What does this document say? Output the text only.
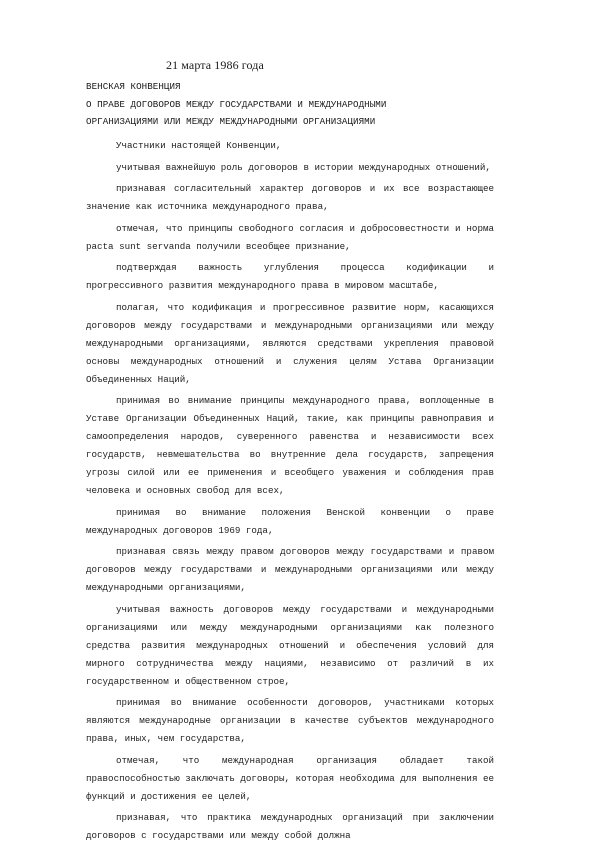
21 марта 1986 года
ВЕНСКАЯ КОНВЕНЦИЯ
О ПРАВЕ ДОГОВОРОВ МЕЖДУ ГОСУДАРСТВАМИ И МЕЖДУНАРОДНЫМИ
ОРГАНИЗАЦИЯМИ ИЛИ МЕЖДУ МЕЖДУНАРОДНЫМИ ОРГАНИЗАЦИЯМИ

Участники настоящей Конвенции,

учитывая важнейшую роль договоров в истории международных отношений,

признавая согласительный характер договоров и их все возрастающее значение как источника международного права,

отмечая, что принципы свободного согласия и добросовестности и норма pacta sunt servanda получили всеобщее признание,

подтверждая важность углубления процесса кодификации и прогрессивного развития международного права в мировом масштабе,

полагая, что кодификация и прогрессивное развитие норм, касающихся договоров между государствами и международными организациями или между международными организациями, являются средствами укрепления правовой основы международных отношений и служения целям Устава Организации Объединенных Наций,

принимая во внимание принципы международного права, воплощенные в Уставе Организации Объединенных Наций, такие, как принципы равноправия и самоопределения народов, суверенного равенства и независимости всех государств, невмешательства во внутренние дела государств, запрещения угрозы силой или ее применения и всеобщего уважения и соблюдения прав человека и основных свобод для всех,

принимая во внимание положения Венской конвенции о праве международных договоров 1969 года,

признавая связь между правом договоров между государствами и правом договоров между государствами и международными организациями или между международными организациями,

учитывая важность договоров между государствами и международными организациями или между международными организациями как полезного средства развития международных отношений и обеспечения условий для мирного сотрудничества между нациями, независимо от различий в их государственном и общественном строе,

принимая во внимание особенности договоров, участниками которых являются международные организации в качестве субъектов международного права, иных, чем государства,

отмечая, что международная организация обладает такой правоспособностью заключать договоры, которая необходима для выполнения ее функций и достижения ее целей,

признавая, что практика международных организаций при заключении договоров с государствами или между собой должна
